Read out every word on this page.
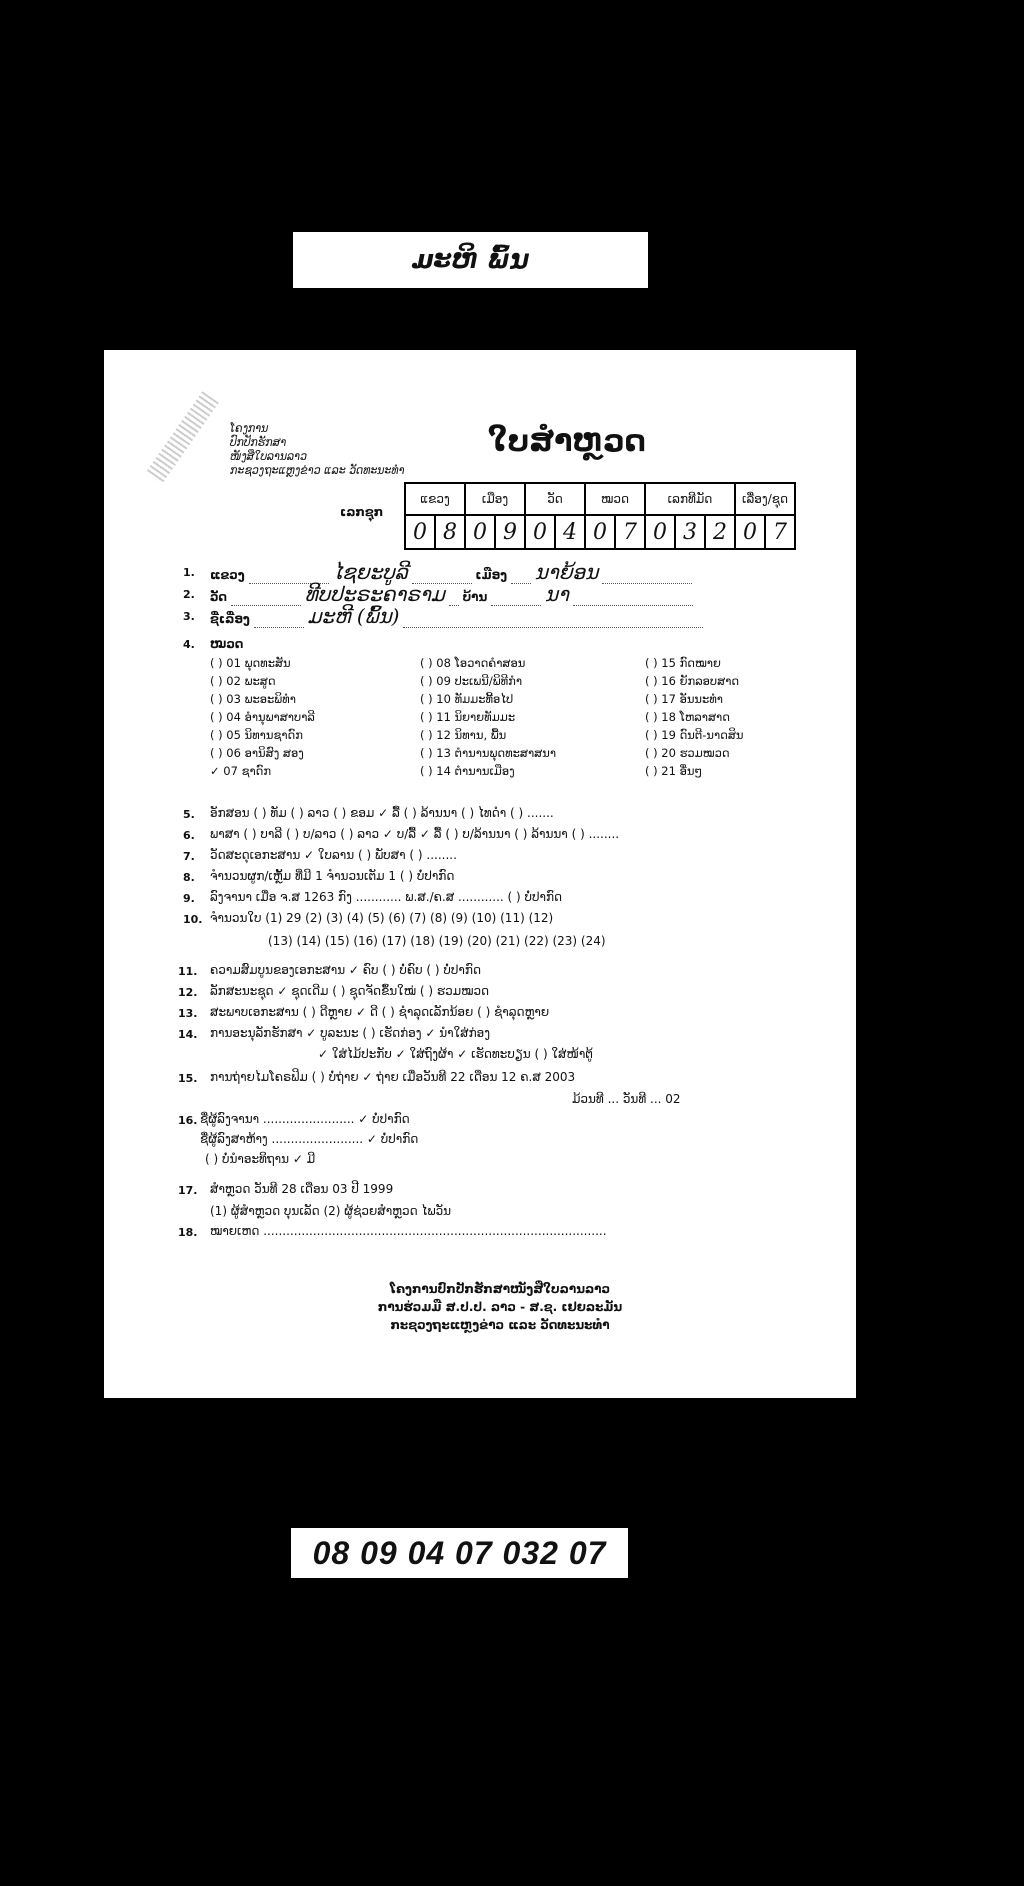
ມະຫິ ພົ້ນ
ໂຄງການ
ປົກປັກຮັກສາ
ໜັງສືໃບລານລາວ
ກະຊວງຖະແຫຼງຂ່າວ ແລະ ວັດທະນະທຳ
ໃບສຳຫຼວດ
ເລກຊຸກ
ແຂວງ		ເມືອງ		ວັດ		ໝວດ		ເລກທີມັດ			ເລື່ອງ/ຊຸດ	
0	8	0	9	0	4	0	7	0	3	2	0	7
1. ແຂວງ	ໄຊຍະບູລີ	ເມືອງ ນາຍ້ອນ
2. ວັດ	ທີບປະຣະຄາຣາມ ບ້ານ	ນາ
3. ຊື່ເລື່ອງ	ມະຫີ (ພົ້ນ)
4. ໝວດ
( ) 01 ພຸດທະສັນ	( ) 08 ໂອວາດຄຳສອນ	( ) 15 ກົດໝາຍ
( ) 02 ພະສູດ	( ) 09 ປະເພນີ/ພິທີກຳ	( ) 16 ຍັກລອບສາດ
( ) 03 ພະອະພິທຳ	( ) 10 ທັມມະທີ້ອໄປ	( ) 17 ອັນນະທຳ
( ) 04 ອຳນຸພາສາບາລີ	( ) 11 ນິຍາຍທັມມະ	( ) 18 ໂຫລາສາດ
( ) 05 ນິທານຊາດົກ	( ) 12 ນິທານ, ພື້ນ	( ) 19 ດົນຕີ-ນາດສິນ
( ) 06 ອານິສົງ ສອງ	( ) 13 ຕຳນານພຸດທະສາສນາ	( ) 20 ຮວມໝວດ
✓ 07 ຊາດົກ	( ) 14 ຕຳນານເມືອງ	( ) 21 ອື່ນໆ
5. ອັກສອນ ( ) ທັມ ( ) ລາວ ( ) ຂອມ ✓ ລື້ ( ) ລ້ານນາ ( ) ໄທດຳ ( ) .......
6. ພາສາ ( ) ບາລີ ( ) ບ/ລາວ ( ) ລາວ ✓ ບ/ລື້ ✓ ລື້ ( ) ບ/ລ້ານນາ ( ) ລ້ານນາ ( ) ........
7. ວັດສະດຸເອກະສານ ✓ ໃບລານ ( ) ພັບສາ ( ) ........
8. ຈຳນວນຜູກ/ເຫຼັ້ມ ທີ່ມີ 1 ຈຳນວນເຕັມ 1 ( ) ບໍ່ປາກົດ
9. ລົງຈານາ ເມື່ອ ຈ.ສ 1263 ກົງ ............ ພ.ສ./ຄ.ສ ............ ( ) ບໍ່ປາກົດ
10. ຈຳນວນໃບ (1) 29 (2) (3) (4) (5) (6) (7) (8) (9) (10) (11) (12)
(13) (14) (15) (16) (17) (18) (19) (20) (21) (22) (23) (24)
11. ຄວາມສົມບູນຂອງເອກະສານ ✓ ຄົບ ( ) ບໍ່ຄົບ ( ) ບໍ່ປາກົດ
12. ລັກສະນະຊຸດ ✓ ຊຸດເດີມ ( ) ຊຸດຈັດຂຶ້ນໃໝ່ ( ) ຮວມໝວດ
13. ສະພາບເອກະສານ ( ) ດີຫຼາຍ ✓ ດີ ( ) ຊຳລຸດເລັກນ້ອຍ ( ) ຊຳລຸດຫຼາຍ
14. ການອະນຸລັກຮັກສາ ✓ ບູລະນະ ( ) ເຮັດກ່ອງ ✓ ນຳໃສ່ກ່ອງ
✓ ໃສ່ໄມ້ປະກັບ ✓ ໃສ່ຖົງຜ້າ ✓ ເຮັດທະບຽນ ( ) ໃສ່ໜ້າຕູ້
15. ການຖ່າຍໄມໂຄຣຟິມ ( ) ບໍ່ຖ່າຍ ✓ ຖ່າຍ ເມື່ອວັນທີ 22 ເດືອນ 12 ຄ.ສ 2003
ມ້ວນທີ ... ວັນທີ ... 02
16. ຊື່ຜູ້ລົງຈານາ ........................ ✓ ບໍ່ປາກົດ
ຊື່ຜູ້ລົງສາຫ້າງ ........................ ✓ ບໍ່ປາກົດ
( ) ບໍ່ນຳອະທິຖານ ✓ ມີ
17. ສຳຫຼວດ ວັນທີ 28 ເດືອນ 03 ປີ 1999
(1) ຜູ້ສຳຫຼວດ ບຸນເລັດ (2) ຜູ້ຊ່ວຍສຳຫຼວດ ໄພວັນ
18. ໝາຍເຫດ ..........................................................................................
ໂຄງການປົກປັກຮັກສາໜັງສືໃບລານລາວ
ການຮ່ວມມື ສ.ປ.ປ. ລາວ - ສ.ຊ. ເຢຍລະມັນ
ກະຊວງຖະແຫຼງຂ່າວ ແລະ ວັດທະນະທຳ
08 09 04 07 032 07
